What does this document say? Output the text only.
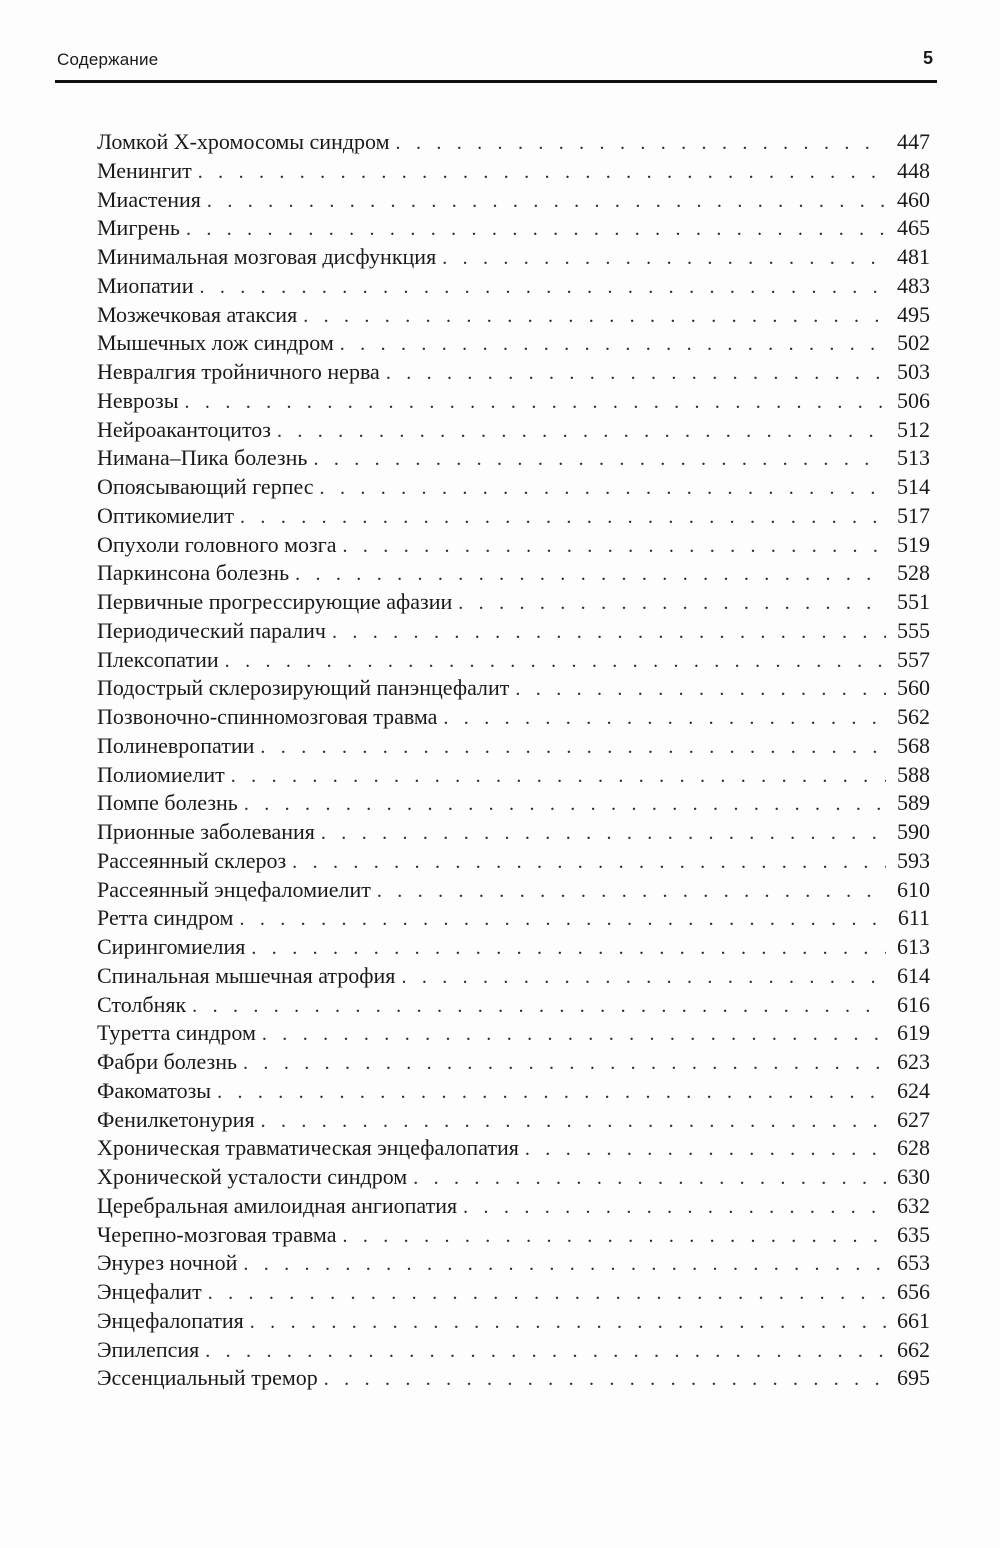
Содержание	5
Ломкой X-хромосомы синдром . . .	447
Менингит . . .	448
Миастения . . .	460
Мигрень . . .	465
Минимальная мозговая дисфункция . . .	481
Миопатии . . .	483
Мозжечковая атаксия . . .	495
Мышечных лож синдром . . .	502
Невралгия тройничного нерва . . .	503
Неврозы . . .	506
Нейроакантоцитоз . . .	512
Нимана–Пика болезнь . . .	513
Опоясывающий герпес . . .	514
Оптикомиелит . . .	517
Опухоли головного мозга . . .	519
Паркинсона болезнь . . .	528
Первичные прогрессирующие афазии . . .	551
Периодический паралич . . .	555
Плексопатии . . .	557
Подострый склерозирующий панэнцефалит . . .	560
Позвоночно-спинномозговая травма . . .	562
Полиневропатии . . .	568
Полиомиелит . . .	588
Помпе болезнь . . .	589
Прионные заболевания . . .	590
Рассеянный склероз . . .	593
Рассеянный энцефаломиелит . . .	610
Ретта синдром . . .	611
Сирингомиелия . . .	613
Спинальная мышечная атрофия . . .	614
Столбняк . . .	616
Туретта синдром . . .	619
Фабри болезнь . . .	623
Факоматозы . . .	624
Фенилкетонурия . . .	627
Хроническая травматическая энцефалопатия . . .	628
Хронической усталости синдром . . .	630
Церебральная амилоидная ангиопатия . . .	632
Черепно-мозговая травма . . .	635
Энурез ночной . . .	653
Энцефалит . . .	656
Энцефалопатия . . .	661
Эпилепсия . . .	662
Эссенциальный тремор . . .	695
